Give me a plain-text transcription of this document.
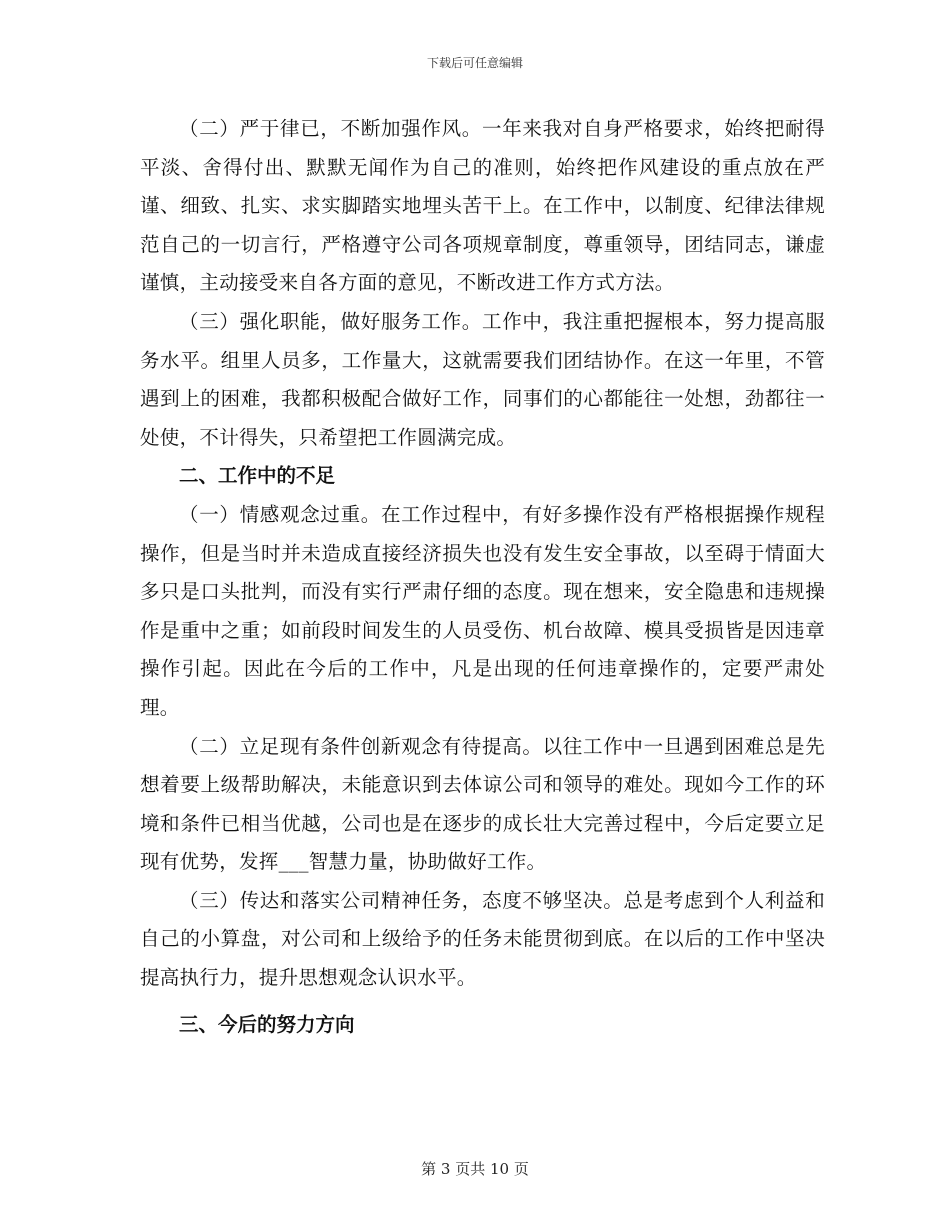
下载后可任意编辑

（二）严于律已，不断加强作风。一年来我对自身严格要求，始终把耐得平淡、舍得付出、默默无闻作为自己的准则，始终把作风建设的重点放在严谨、细致、扎实、求实脚踏实地埋头苦干上。在工作中，以制度、纪律法律规范自己的一切言行，严格遵守公司各项规章制度，尊重领导，团结同志，谦虚谨慎，主动接受来自各方面的意见，不断改进工作方式方法。

（三）强化职能，做好服务工作。工作中，我注重把握根本，努力提高服务水平。组里人员多，工作量大，这就需要我们团结协作。在这一年里，不管遇到上的困难，我都积极配合做好工作，同事们的心都能往一处想，劲都往一处使，不计得失，只希望把工作圆满完成。

二、工作中的不足

（一）情感观念过重。在工作过程中，有好多操作没有严格根据操作规程操作，但是当时并未造成直接经济损失也没有发生安全事故，以至碍于情面大多只是口头批判，而没有实行严肃仔细的态度。现在想来，安全隐患和违规操作是重中之重；如前段时间发生的人员受伤、机台故障、模具受损皆是因违章操作引起。因此在今后的工作中，凡是出现的任何违章操作的，定要严肃处理。

（二）立足现有条件创新观念有待提高。以往工作中一旦遇到困难总是先想着要上级帮助解决，未能意识到去体谅公司和领导的难处。现如今工作的环境和条件已相当优越，公司也是在逐步的成长壮大完善过程中，今后定要立足现有优势，发挥___智慧力量，协助做好工作。

（三）传达和落实公司精神任务，态度不够坚决。总是考虑到个人利益和自己的小算盘，对公司和上级给予的任务未能贯彻到底。在以后的工作中坚决提高执行力，提升思想观念认识水平。

三、今后的努力方向

第 3 页共 10 页
